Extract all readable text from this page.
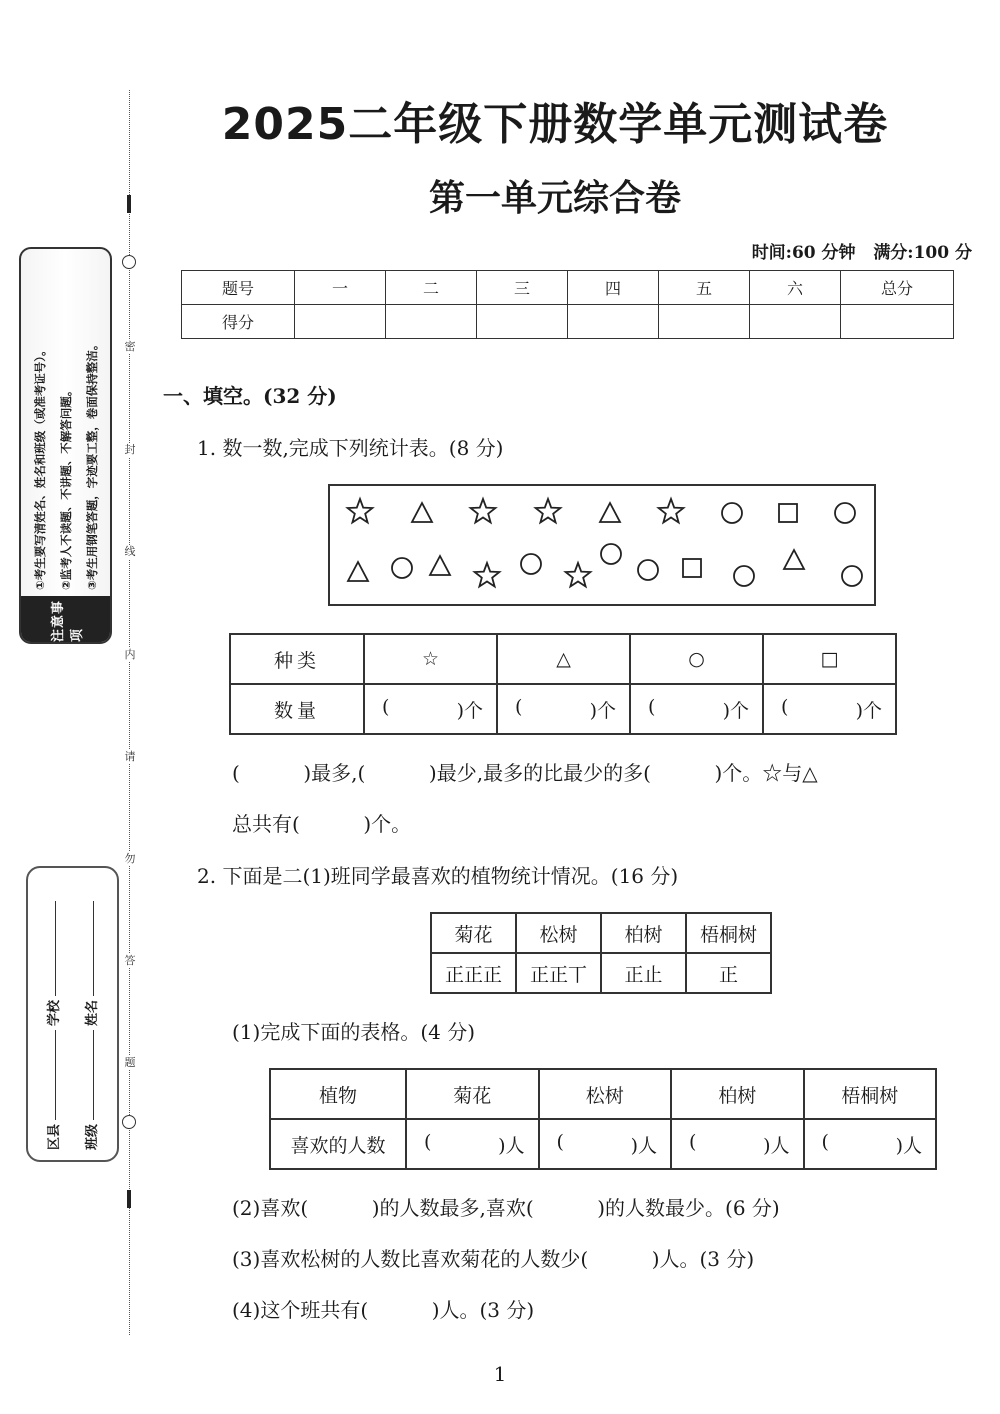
密
封
线
内
请
勿
答
题
注意事项
①考生要写清姓名、姓名和班级（或准考证号）。	②监考人不读题、不讲题、不解答问题。	③考生用钢笔答题，字迹要工整，卷面保持整洁。
区县
学校
班级
姓名
2025二年级下册数学单元测试卷
第一单元综合卷
时间:60 分钟 满分:100 分
题号	一	二	三	四	五	六	总分
得分							
一、填空。(32 分)
1. 数一数,完成下列统计表。(8 分)
种类	☆	△	○	□
数量	( )个	( )个	( )个	( )个
(          )最多,(          )最少,最多的比最少的多(          )个。☆与△
总共有(          )个。
2. 下面是二(1)班同学最喜欢的植物统计情况。(16 分)
菊花	松树	柏树	梧桐树
正正正	正正丅	正止	正
(1)完成下面的表格。(4 分)
植物	菊花	松树	柏树	梧桐树
喜欢的人数	( )人	( )人	( )人	( )人
(2)喜欢(          )的人数最多,喜欢(          )的人数最少。(6 分)
(3)喜欢松树的人数比喜欢菊花的人数少(          )人。(3 分)
(4)这个班共有(          )人。(3 分)
1
